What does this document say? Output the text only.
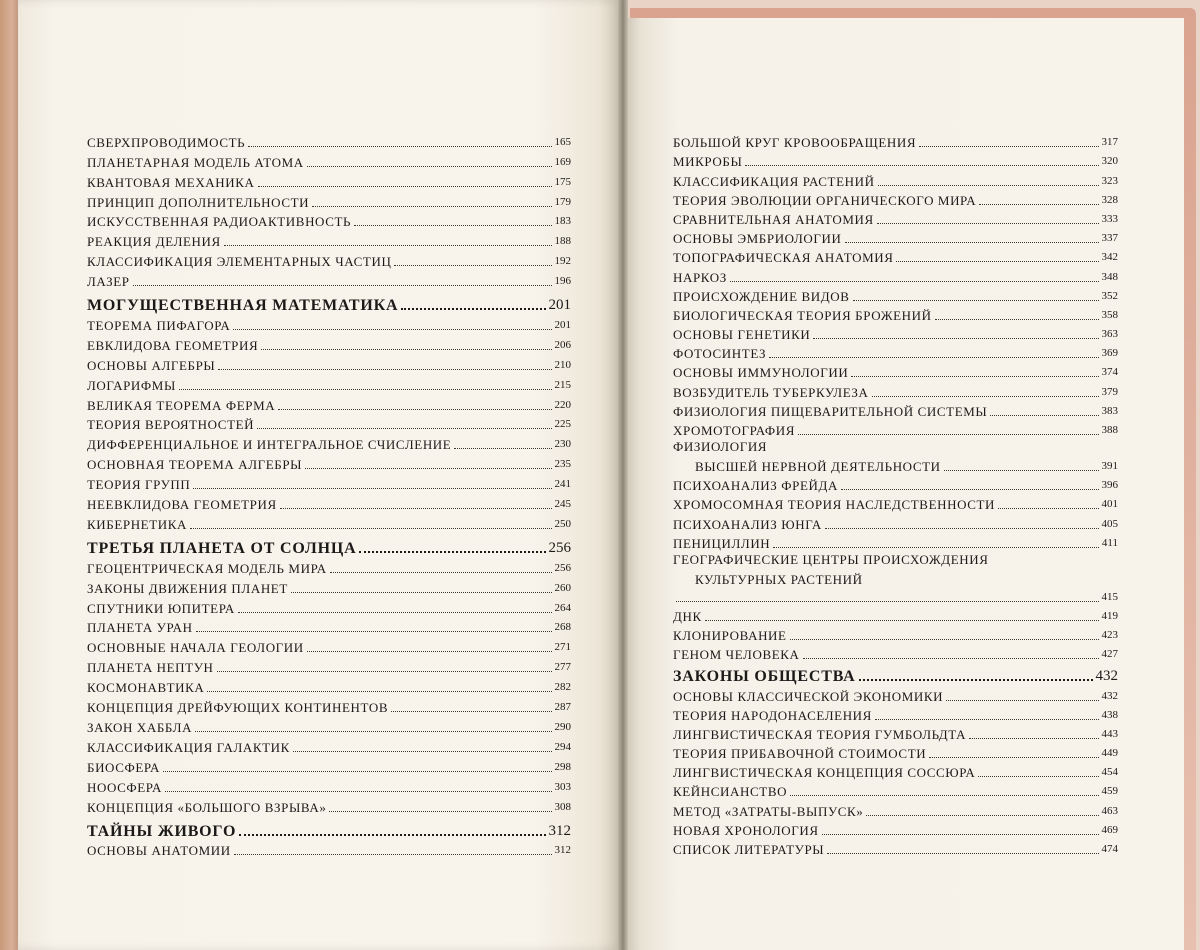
СВЕРХПРОВОДИМОСТЬ	165
ПЛАНЕТАРНАЯ МОДЕЛЬ АТОМА	169
КВАНТОВАЯ МЕХАНИКА	175
ПРИНЦИП ДОПОЛНИТЕЛЬНОСТИ	179
ИСКУССТВЕННАЯ РАДИОАКТИВНОСТЬ	183
РЕАКЦИЯ ДЕЛЕНИЯ	188
КЛАССИФИКАЦИЯ ЭЛЕМЕНТАРНЫХ ЧАСТИЦ	192
ЛАЗЕР	196
МОГУЩЕСТВЕННАЯ МАТЕМАТИКА	201
ТЕОРЕМА ПИФАГОРА	201
ЕВКЛИДОВА ГЕОМЕТРИЯ	206
ОСНОВЫ АЛГЕБРЫ	210
ЛОГАРИФМЫ	215
ВЕЛИКАЯ ТЕОРЕМА ФЕРМА	220
ТЕОРИЯ ВЕРОЯТНОСТЕЙ	225
ДИФФЕРЕНЦИАЛЬНОЕ И ИНТЕГРАЛЬНОЕ СЧИСЛЕНИЕ	230
ОСНОВНАЯ ТЕОРЕМА АЛГЕБРЫ	235
ТЕОРИЯ ГРУПП	241
НЕЕВКЛИДОВА ГЕОМЕТРИЯ	245
КИБЕРНЕТИКА	250
ТРЕТЬЯ ПЛАНЕТА ОТ СОЛНЦА	256
ГЕОЦЕНТРИЧЕСКАЯ МОДЕЛЬ МИРА	256
ЗАКОНЫ ДВИЖЕНИЯ ПЛАНЕТ	260
СПУТНИКИ ЮПИТЕРА	264
ПЛАНЕТА УРАН	268
ОСНОВНЫЕ НАЧАЛА ГЕОЛОГИИ	271
ПЛАНЕТА НЕПТУН	277
КОСМОНАВТИКА	282
КОНЦЕПЦИЯ ДРЕЙФУЮЩИХ КОНТИНЕНТОВ	287
ЗАКОН ХАББЛА	290
КЛАССИФИКАЦИЯ ГАЛАКТИК	294
БИОСФЕРА	298
НООСФЕРА	303
КОНЦЕПЦИЯ «БОЛЬШОГО ВЗРЫВА»	308
ТАЙНЫ ЖИВОГО	312
ОСНОВЫ АНАТОМИИ	312
БОЛЬШОЙ КРУГ КРОВООБРАЩЕНИЯ	317
МИКРОБЫ	320
КЛАССИФИКАЦИЯ РАСТЕНИЙ	323
ТЕОРИЯ ЭВОЛЮЦИИ ОРГАНИЧЕСКОГО МИРА	328
СРАВНИТЕЛЬНАЯ АНАТОМИЯ	333
ОСНОВЫ ЭМБРИОЛОГИИ	337
ТОПОГРАФИЧЕСКАЯ АНАТОМИЯ	342
НАРКОЗ	348
ПРОИСХОЖДЕНИЕ ВИДОВ	352
БИОЛОГИЧЕСКАЯ ТЕОРИЯ БРОЖЕНИЙ	358
ОСНОВЫ ГЕНЕТИКИ	363
ФОТОСИНТЕЗ	369
ОСНОВЫ ИММУНОЛОГИИ	374
ВОЗБУДИТЕЛЬ ТУБЕРКУЛЕЗА	379
ФИЗИОЛОГИЯ ПИЩЕВАРИТЕЛЬНОЙ СИСТЕМЫ	383
ХРОМОТОГРАФИЯ	388
ФИЗИОЛОГИЯ
ВЫСШЕЙ НЕРВНОЙ ДЕЯТЕЛЬНОСТИ	391
ПСИХОАНАЛИЗ ФРЕЙДА	396
ХРОМОСОМНАЯ ТЕОРИЯ НАСЛЕДСТВЕННОСТИ	401
ПСИХОАНАЛИЗ ЮНГА	405
ПЕНИЦИЛЛИН	411
ГЕОГРАФИЧЕСКИЕ ЦЕНТРЫ ПРОИСХОЖДЕНИЯ
КУЛЬТУРНЫХ РАСТЕНИЙ
415
ДНК	419
КЛОНИРОВАНИЕ	423
ГЕНОМ ЧЕЛОВЕКА	427
ЗАКОНЫ ОБЩЕСТВА	432
ОСНОВЫ КЛАССИЧЕСКОЙ ЭКОНОМИКИ	432
ТЕОРИЯ НАРОДОНАСЕЛЕНИЯ	438
ЛИНГВИСТИЧЕСКАЯ ТЕОРИЯ ГУМБОЛЬДТА	443
ТЕОРИЯ ПРИБАВОЧНОЙ СТОИМОСТИ	449
ЛИНГВИСТИЧЕСКАЯ КОНЦЕПЦИЯ СОССЮРА	454
КЕЙНСИАНСТВО	459
МЕТОД «ЗАТРАТЫ-ВЫПУСК»	463
НОВАЯ ХРОНОЛОГИЯ	469
СПИСОК ЛИТЕРАТУРЫ	474
